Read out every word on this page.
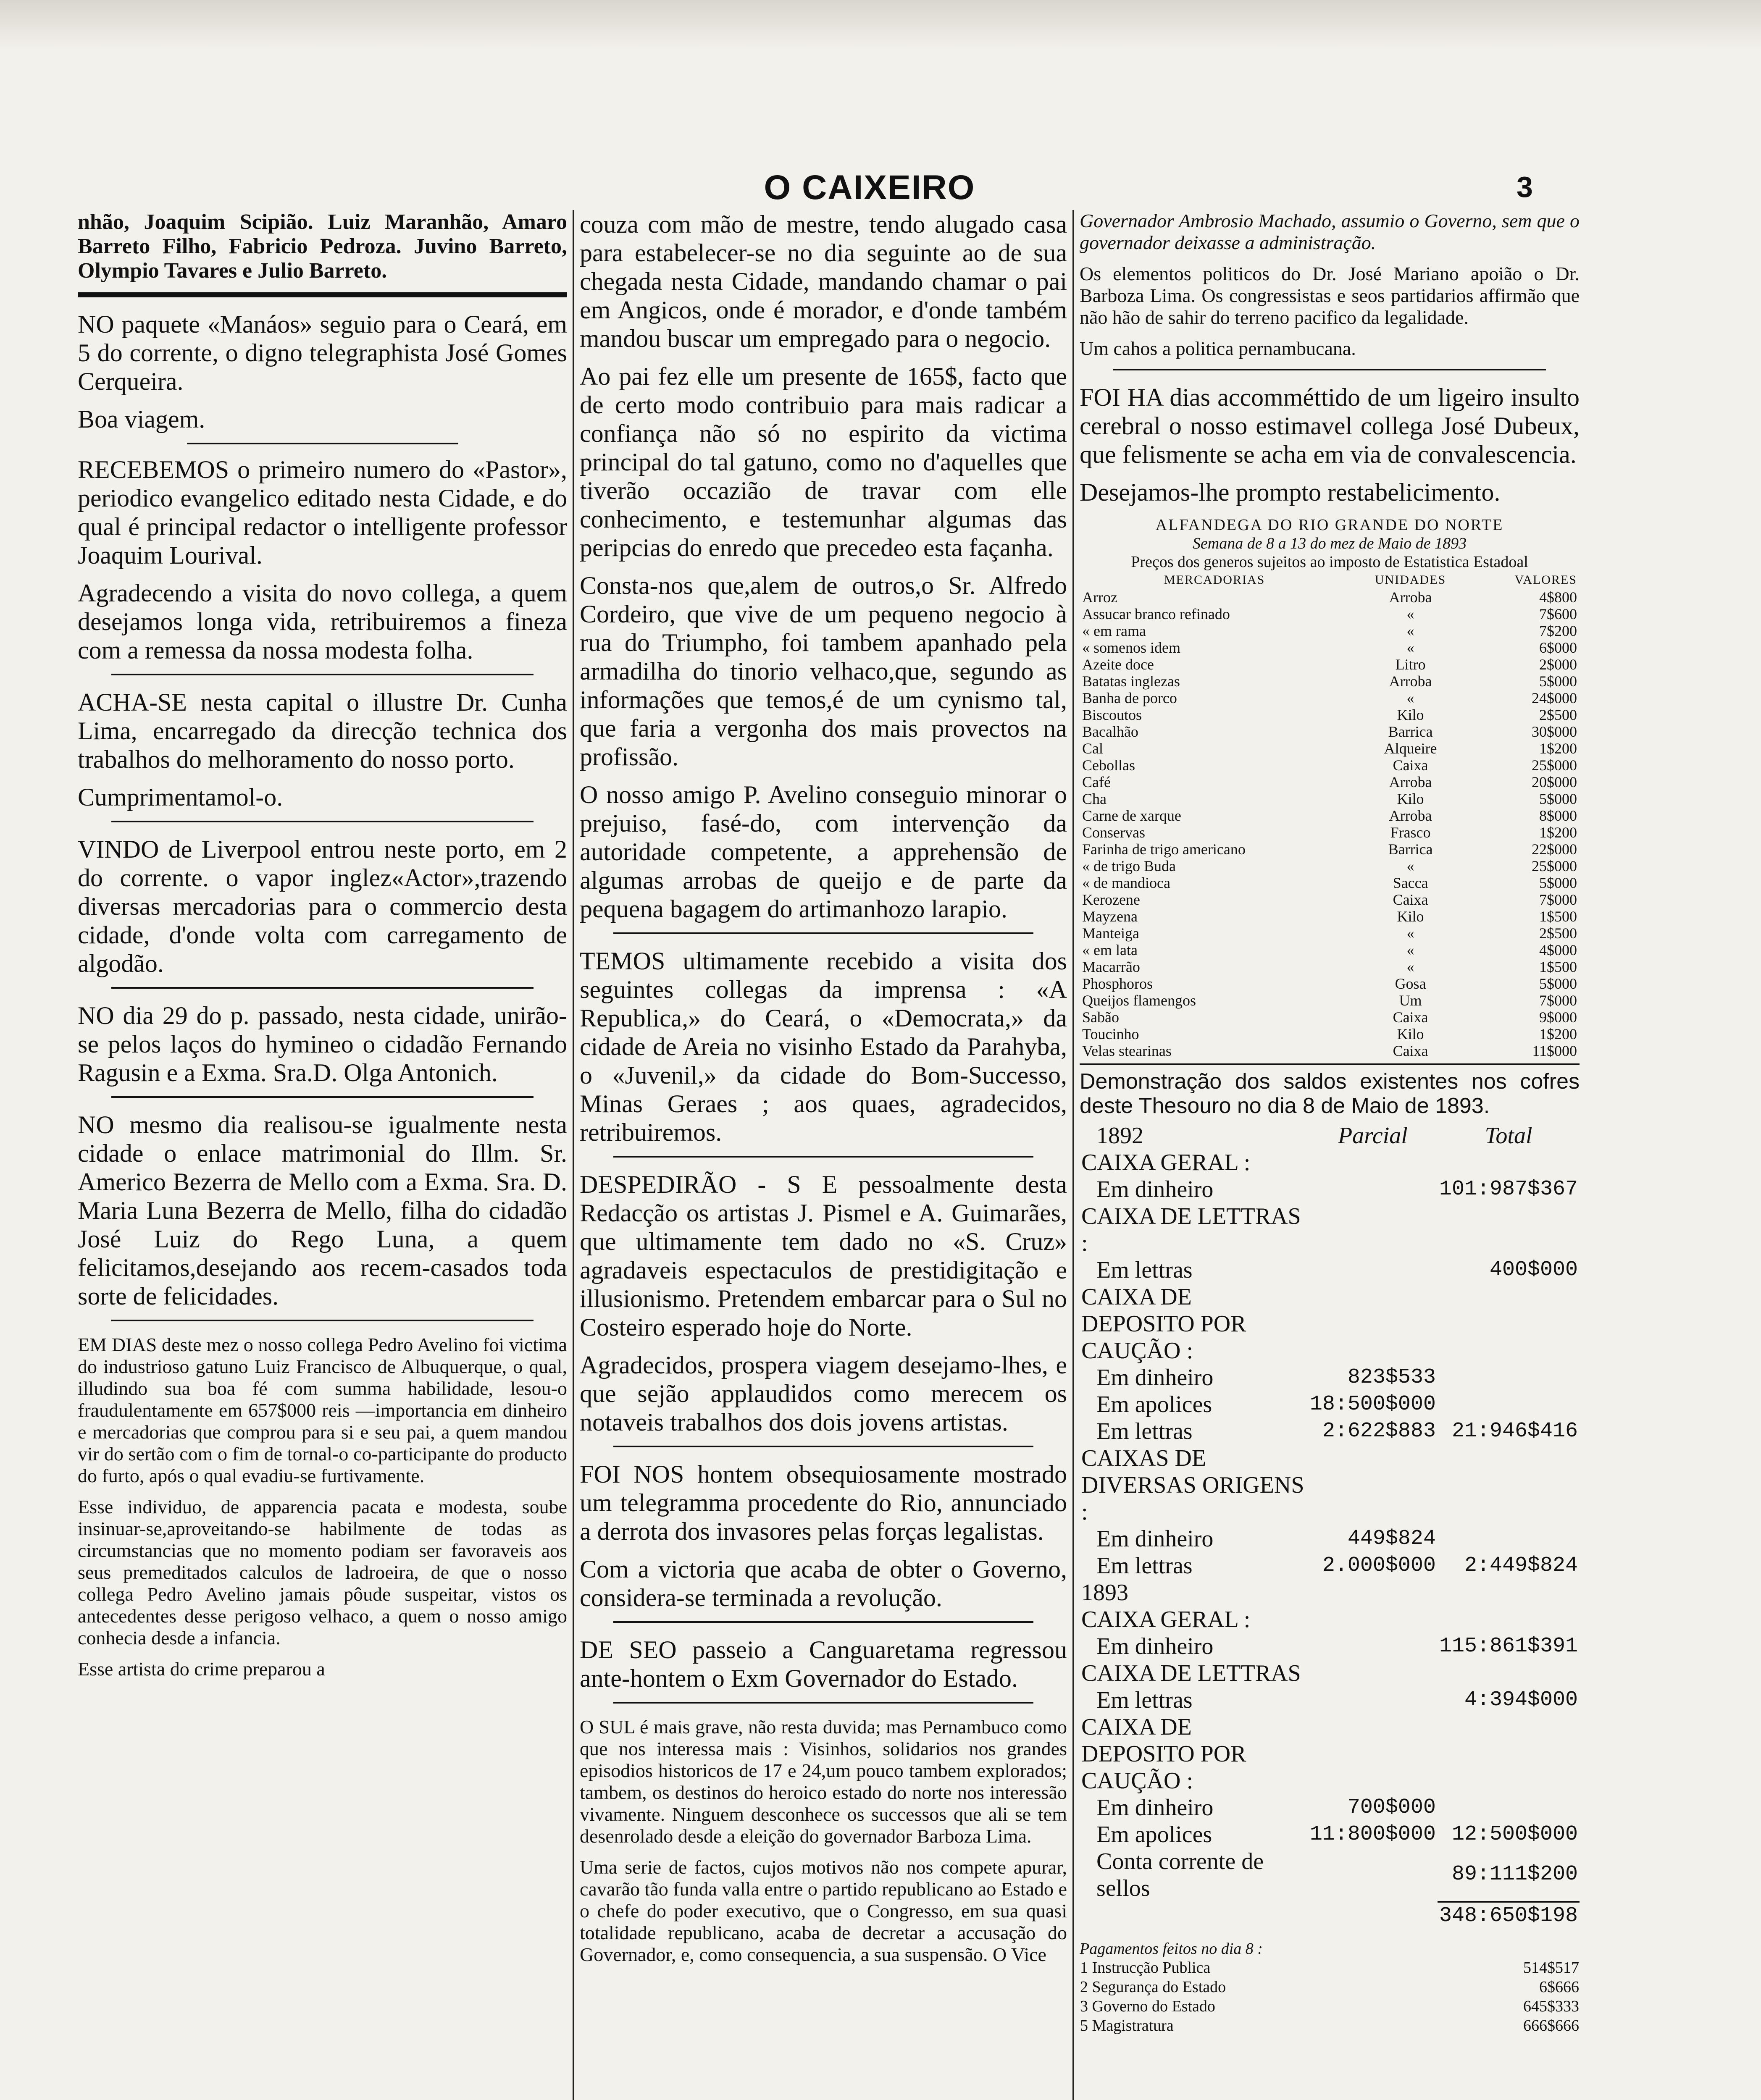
O CAIXEIRO	3

nhão, Joaquim Scipião. Luiz Maranhão, Amaro Barreto Filho, Fabricio Pedroza. Juvino Barreto, Olympio Tavares e Julio Barreto.

NO paquete «Manáos» seguio para o Ceará, em 5 do corrente, o digno telegraphista José Gomes Cerqueira.

Boa viagem.

RECEBEMOS o primeiro numero do «Pastor», periodico evangelico editado nesta Cidade, e do qual é principal redactor o intelligente professor Joaquim Lourival.

Agradecendo a visita do novo collega, a quem desejamos longa vida, retribuiremos a fineza com a remessa da nossa modesta folha.

ACHA-SE nesta capital o illustre Dr. Cunha Lima, encarregado da direcção technica dos trabalhos do melhoramento do nosso porto.

Cumprimentamol-o.

VINDO de Liverpool entrou neste porto, em 2 do corrente. o vapor inglez«Actor»,trazendo diversas mercadorias para o commercio desta cidade, d'onde volta com carregamento de algodão.

NO dia 29 do p. passado, nesta cidade, unirão-se pelos laços do hymineo o cidadão Fernando Ragusin e a Exma. Sra.D. Olga Antonich.

NO mesmo dia realisou-se igualmente nesta cidade o enlace matrimonial do Illm. Sr. Americo Bezerra de Mello com a Exma. Sra. D. Maria Luna Bezerra de Mello, filha do cidadão José Luiz do Rego Luna, a quem felicitamos,desejando aos recem-casados toda sorte de felicidades.

EM DIAS deste mez o nosso collega Pedro Avelino foi victima do industrioso gatuno Luiz Francisco de Albuquerque, o qual, illudindo sua boa fé com summa habilidade, lesou-o fraudulentamente em 657$000 reis —importancia em dinheiro e mercadorias que comprou para si e seu pai, a quem mandou vir do sertão com o fim de tornal-o co-participante do producto do furto, após o qual evadiu-se furtivamente.

Esse individuo, de apparencia pacata e modesta, soube insinuar-se,aproveitando-se habilmente de todas as circumstancias que no momento podiam ser favoraveis aos seus premeditados calculos de ladroeira, de que o nosso collega Pedro Avelino jamais pôude suspeitar, vistos os antecedentes desse perigoso velhaco, a quem o nosso amigo conhecia desde a infancia.

Esse artista do crime preparou a

couza com mão de mestre, tendo alugado casa para estabelecer-se no dia seguinte ao de sua chegada nesta Cidade, mandando chamar o pai em Angicos, onde é morador, e d'onde também mandou buscar um empregado para o negocio.

Ao pai fez elle um presente de 165$, facto que de certo modo contribuio para mais radicar a confiança não só no espirito da victima principal do tal gatuno, como no d'aquelles que tiverão occazião de travar com elle conhecimento, e testemunhar algumas das peripcias do enredo que precedeo esta façanha.

Consta-nos que,alem de outros,o Sr. Alfredo Cordeiro, que vive de um pequeno negocio à rua do Triumpho, foi tambem apanhado pela armadilha do tinorio velhaco,que, segundo as informações que temos,é de um cynismo tal, que faria a vergonha dos mais provectos na profissão.

O nosso amigo P. Avelino conseguio minorar o prejuiso, fasé-do, com intervenção da autoridade competente, a apprehensão de algumas arrobas de queijo e de parte da pequena bagagem do artimanhozo larapio.

TEMOS ultimamente recebido a visita dos seguintes collegas da imprensa : «A Republica,» do Ceará, o «Democrata,» da cidade de Areia no visinho Estado da Parahyba, o «Juvenil,» da cidade do Bom-Successo, Minas Geraes ; aos quaes, agradecidos, retribuiremos.

DESPEDIRÃO - S E pessoalmente desta Redacção os artistas J. Pismel e A. Guimarães, que ultimamente tem dado no «S. Cruz» agradaveis espectaculos de prestidigitação e illusionismo. Pretendem embarcar para o Sul no Costeiro esperado hoje do Norte.

Agradecidos, prospera viagem desejamo-lhes, e que sejão applaudidos como merecem os notaveis trabalhos dos dois jovens artistas.

FOI NOS hontem obsequiosamente mostrado um telegramma procedente do Rio, annunciado a derrota dos invasores pelas forças legalistas.

Com a victoria que acaba de obter o Governo, considera-se terminada a revolução.

DE SEO passeio a Canguaretama regressou ante-hontem o Exm Governador do Estado.

O SUL é mais grave, não resta duvida; mas Pernambuco como que nos interessa mais : Visinhos, solidarios nos grandes episodios historicos de 17 e 24,um pouco tambem explorados; tambem, os destinos do heroico estado do norte nos interessão vivamente. Ninguem desconhece os successos que ali se tem desenrolado desde a eleição do governador Barboza Lima.

Uma serie de factos, cujos motivos não nos compete apurar, cavarão tão funda valla entre o partido republicano ao Estado e o chefe do poder executivo, que o Congresso, em sua quasi totalidade republicano, acaba de decretar a accusação do Governador, e, como consequencia, a sua suspensão. O Vice

Governador Ambrosio Machado, assumio o Governo, sem que o governador deixasse a administração.

Os elementos politicos do Dr. José Mariano apoião o Dr. Barboza Lima. Os congressistas e seos partidarios affirmão que não hão de sahir do terreno pacifico da legalidade.

Um cahos a politica pernambucana.

FOI HA dias accomméttido de um ligeiro insulto cerebral o nosso estimavel collega José Dubeux, que felismente se acha em via de convalescencia.

Desejamos-lhe prompto restabelicimento.

ALFANDEGA DO RIO GRANDE DO NORTE
Semana de 8 a 13 do mez de Maio de 1893
Preços dos generos sujeitos ao imposto de Estatistica Estadoal
MERCADORIAS	UNIDADES	VALORES
Arroz	Arroba	4$800
Assucar branco refinado	«	7$600
« em rama	«	7$200
« somenos idem	«	6$000
Azeite doce	Litro	2$000
Batatas inglezas	Arroba	5$000
Banha de porco	«	24$000
Biscoutos	Kilo	2$500
Bacalhão	Barrica	30$000
Cal	Alqueire	1$200
Cebollas	Caixa	25$000
Café	Arroba	20$000
Cha	Kilo	5$000
Carne de xarque	Arroba	8$000
Conservas	Frasco	1$200
Farinha de trigo americano	Barrica	22$000
« de trigo Buda	«	25$000
« de mandioca	Sacca	5$000
Kerozene	Caixa	7$000
Mayzena	Kilo	1$500
Manteiga	«	2$500
« em lata	«	4$000
Macarrão	«	1$500
Phosphoros	Gosa	5$000
Queijos flamengos	Um	7$000
Sabão	Caixa	9$000
Toucinho	Kilo	1$200
Velas stearinas	Caixa	11$000

Demonstração dos saldos existentes nos cofres deste Thesouro no dia 8 de Maio de 1893.

1892	Parcial	Total
CAIXA GERAL :		
Em dinheiro		101:987$367
CAIXA DE LETTRAS :		
Em lettras		400$000
CAIXA DE DEPOSITO POR CAUÇÃO :		
Em dinheiro	823$533	
Em apolices	18:500$000	
Em lettras	2:622$883	21:946$416
CAIXAS DE DIVERSAS ORIGENS :		
Em dinheiro	449$824	
Em lettras	2.000$000	2:449$824
1893		
CAIXA GERAL :		
Em dinheiro		115:861$391
CAIXA DE LETTRAS		
Em lettras		4:394$000
CAIXA DE DEPOSITO POR CAUÇÃO :		
Em dinheiro	700$000	
Em apolices	11:800$000	12:500$000
Conta corrente de sellos		89:111$200
		348:650$198
Pagamentos feitos no dia 8 :
1 Instrucção Publica	514$517
2 Segurança do Estado	6$666
3 Governo do Estado	645$333
5 Magistratura	666$666
